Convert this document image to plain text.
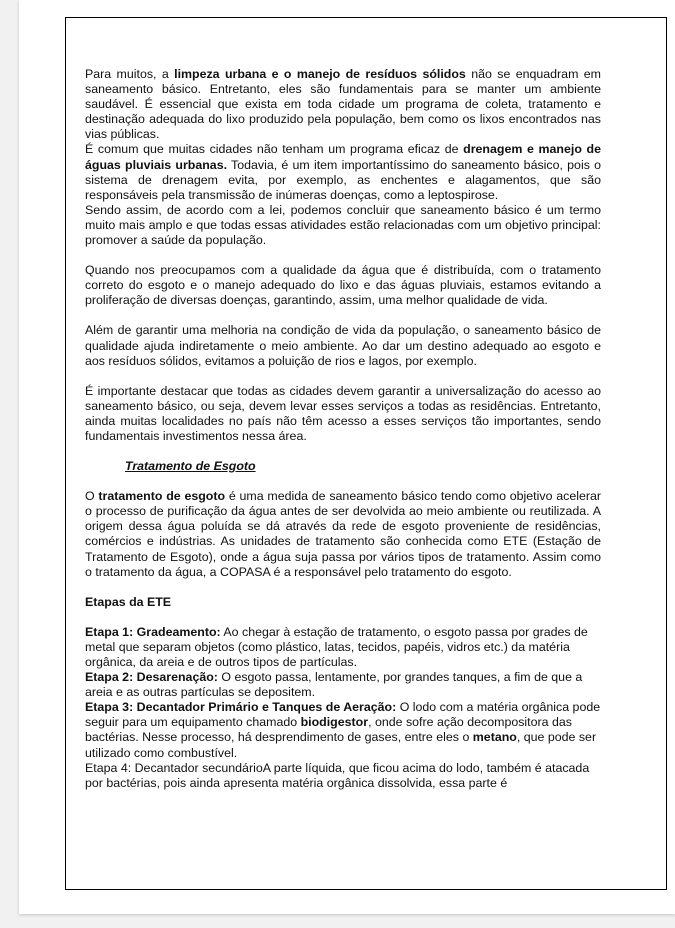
Para muitos, a limpeza urbana e o manejo de resíduos sólidos não se enquadram em saneamento básico. Entretanto, eles são fundamentais para se manter um ambiente saudável. É essencial que exista em toda cidade um programa de coleta, tratamento e destinação adequada do lixo produzido pela população, bem como os lixos encontrados nas vias públicas.

É comum que muitas cidades não tenham um programa eficaz de drenagem e manejo de águas pluviais urbanas. Todavia, é um item importantíssimo do saneamento básico, pois o sistema de drenagem evita, por exemplo, as enchentes e alagamentos, que são responsáveis pela transmissão de inúmeras doenças, como a leptospirose.

Sendo assim, de acordo com a lei, podemos concluir que saneamento básico é um termo muito mais amplo e que todas essas atividades estão relacionadas com um objetivo principal: promover a saúde da população.

Quando nos preocupamos com a qualidade da água que é distribuída, com o tratamento correto do esgoto e o manejo adequado do lixo e das águas pluviais, estamos evitando a proliferação de diversas doenças, garantindo, assim, uma melhor qualidade de vida.

Além de garantir uma melhoria na condição de vida da população, o saneamento básico de qualidade ajuda indiretamente o meio ambiente. Ao dar um destino adequado ao esgoto e aos resíduos sólidos, evitamos a poluição de rios e lagos, por exemplo.

É importante destacar que todas as cidades devem garantir a universalização do acesso ao saneamento básico, ou seja, devem levar esses serviços a todas as residências. Entretanto, ainda muitas localidades no país não têm acesso a esses serviços tão importantes, sendo fundamentais investimentos nessa área.

Tratamento de Esgoto

O tratamento de esgoto é uma medida de saneamento básico tendo como objetivo acelerar o processo de purificação da água antes de ser devolvida ao meio ambiente ou reutilizada. A origem dessa água poluída se dá através da rede de esgoto proveniente de residências, comércios e indústrias. As unidades de tratamento são conhecida como ETE (Estação de Tratamento de Esgoto), onde a água suja passa por vários tipos de tratamento. Assim como o tratamento da água, a COPASA é a responsável pelo tratamento do esgoto.

Etapas da ETE

Etapa 1: Gradeamento: Ao chegar à estação de tratamento, o esgoto passa por grades de metal que separam objetos (como plástico, latas, tecidos, papéis, vidros etc.) da matéria orgânica, da areia e de outros tipos de partículas.

Etapa 2: Desarenação: O esgoto passa, lentamente, por grandes tanques, a fim de que a areia e as outras partículas se depositem.

Etapa 3: Decantador Primário e Tanques de Aeração: O lodo com a matéria orgânica pode seguir para um equipamento chamado biodigestor, onde sofre ação decompositora das bactérias. Nesse processo, há desprendimento de gases, entre eles o metano, que pode ser utilizado como combustível.

Etapa 4: Decantador secundárioA parte líquida, que ficou acima do lodo, também é atacada por bactérias, pois ainda apresenta matéria orgânica dissolvida, essa parte é
